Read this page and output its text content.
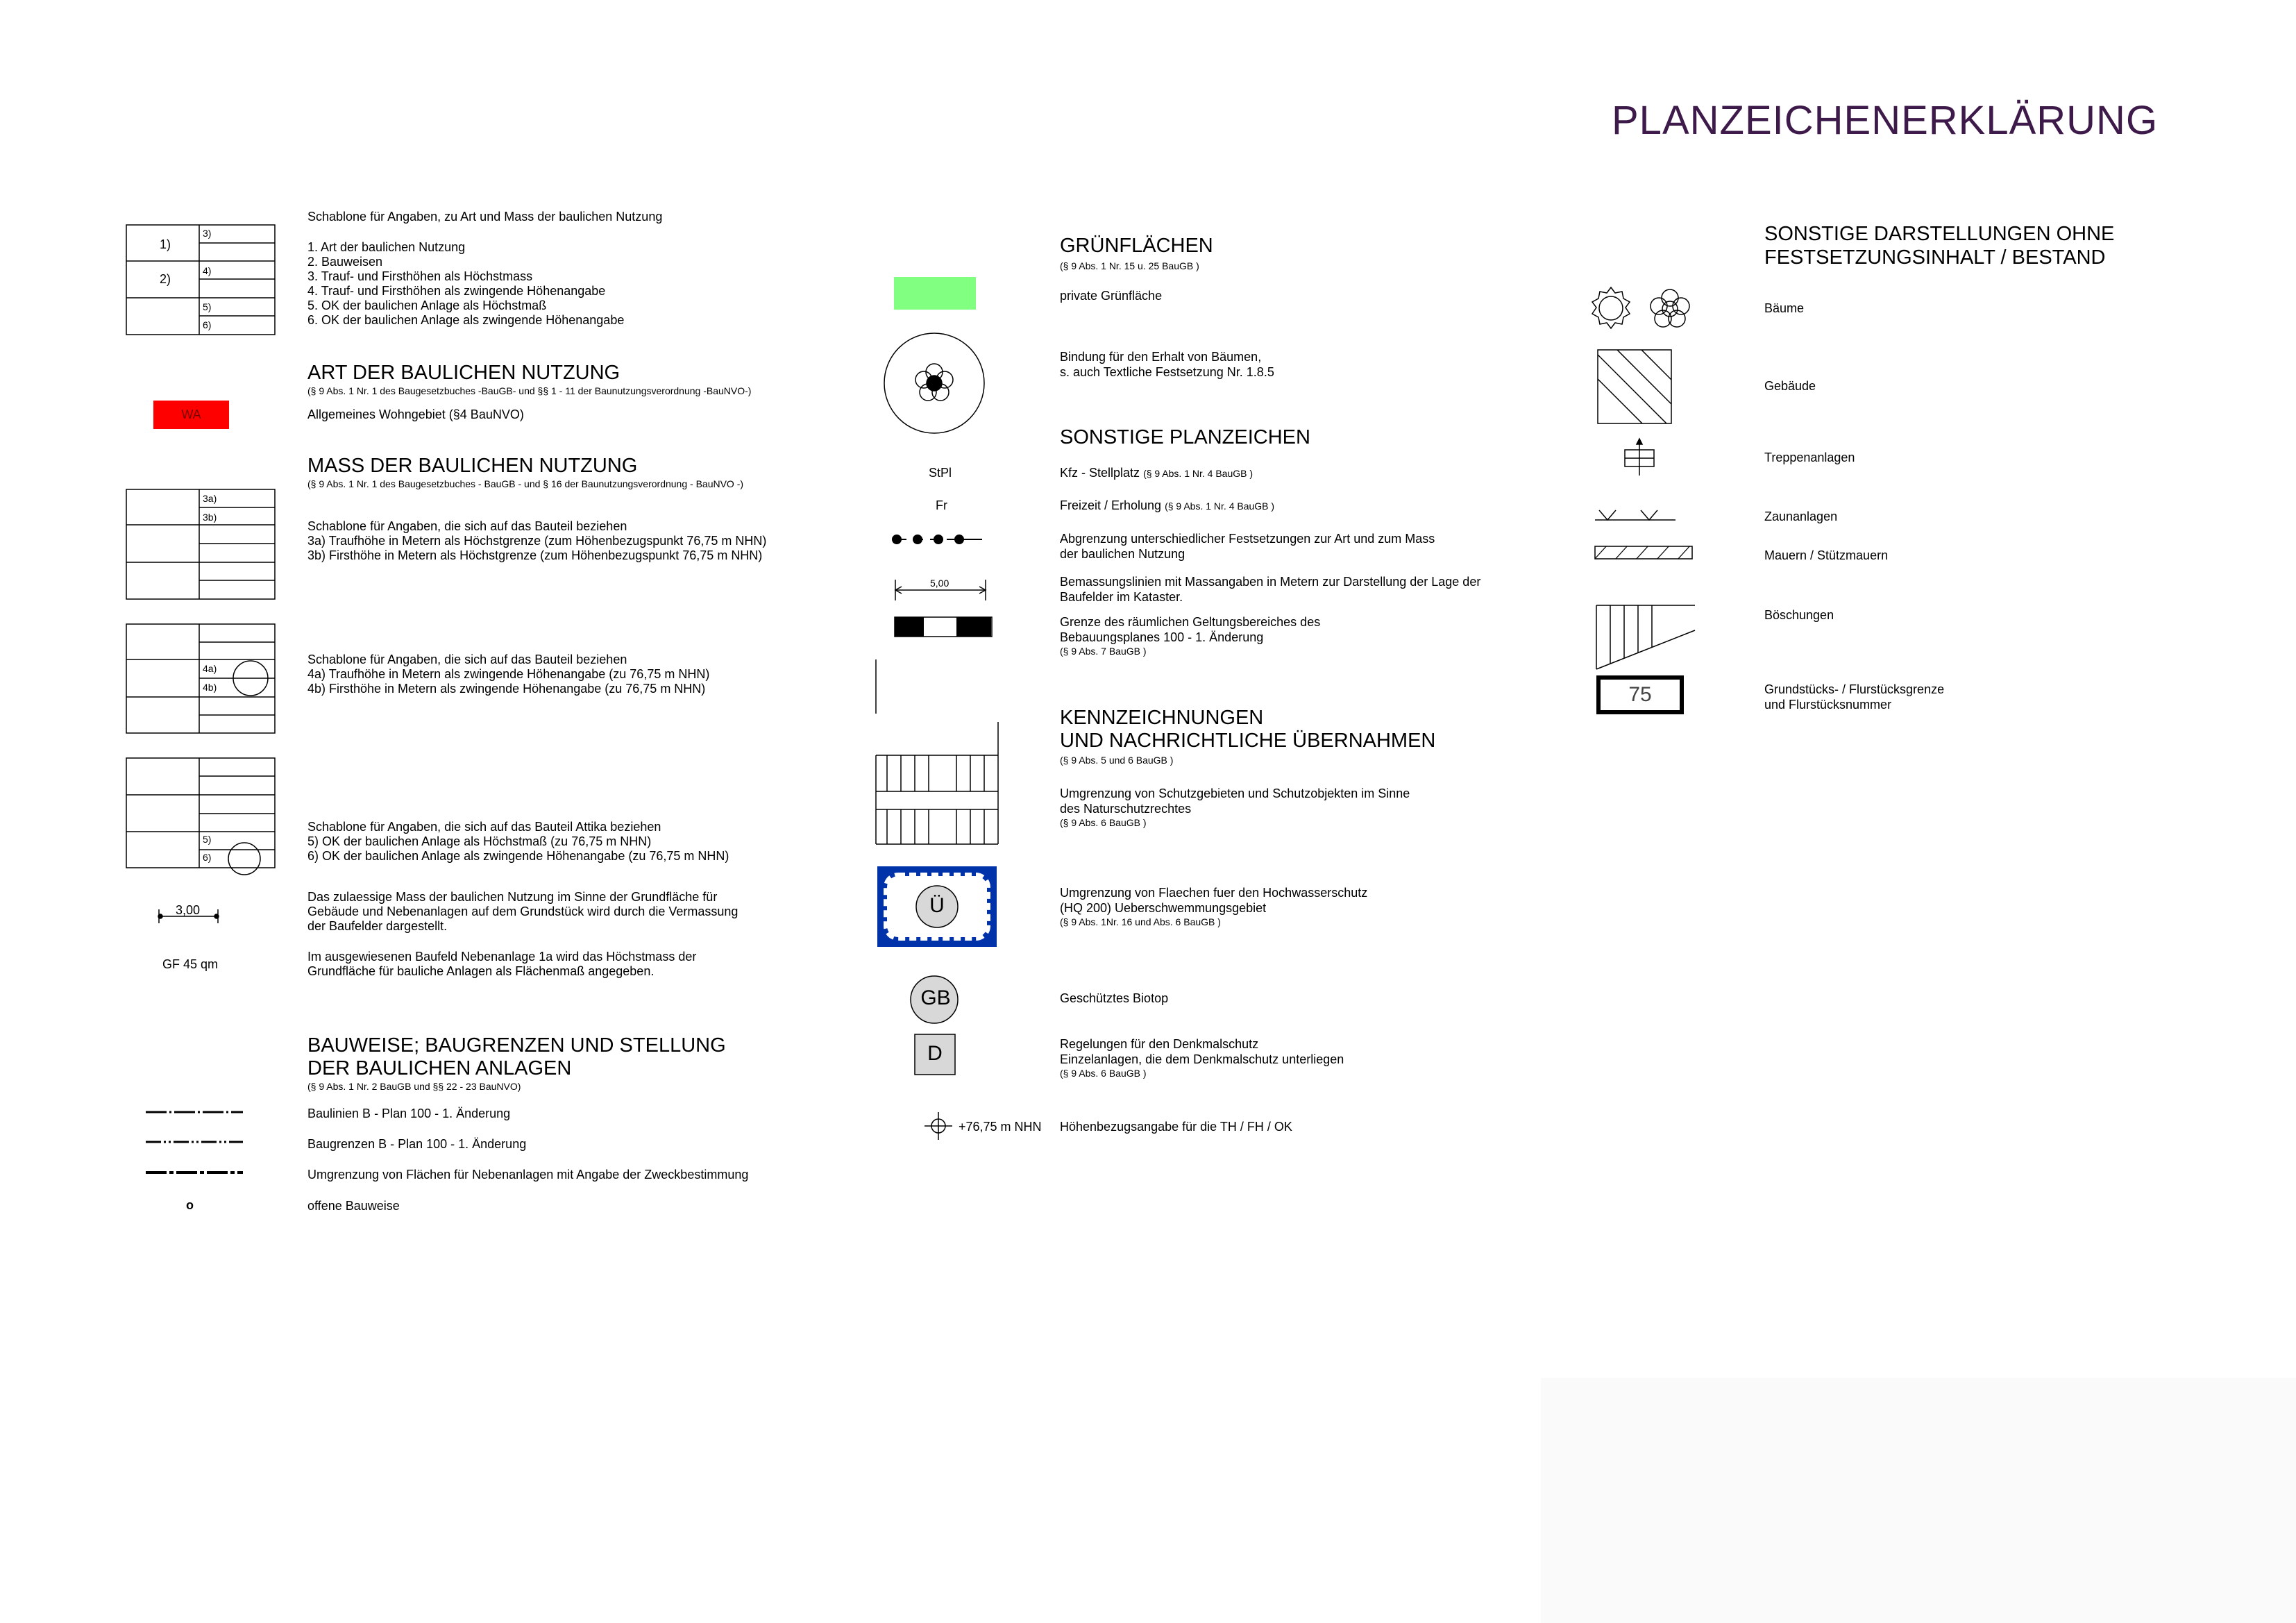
PLANZEICHENERKLÄRUNG
1)
2)
3)
4)
5)
6)
Schablone für Angaben, zu Art und Mass der baulichen Nutzung
1. Art der baulichen Nutzung
2. Bauweisen
3. Trauf- und Firsthöhen als Höchstmass
4. Trauf- und Firsthöhen als zwingende Höhenangabe
5. OK der baulichen Anlage als Höchstmaß
6. OK der baulichen Anlage als zwingende Höhenangabe
ART DER BAULICHEN NUTZUNG
(§ 9 Abs. 1 Nr. 1 des Baugesetzbuches -BauGB- und §§ 1 - 11 der Baunutzungsverordnung -BauNVO-)
WA	Allgemeines Wohngebiet (§4 BauNVO)
MASS DER BAULICHEN NUTZUNG
(§ 9 Abs. 1 Nr. 1 des Baugesetzbuches - BauGB - und § 16 der Baunutzungsverordnung - BauNVO -)
3a)
3b)
Schablone für Angaben, die sich auf das Bauteil beziehen
3a) Traufhöhe in Metern als Höchstgrenze (zum Höhenbezugspunkt 76,75 m NHN)
3b) Firsthöhe in Metern als Höchstgrenze (zum Höhenbezugspunkt 76,75 m NHN)
4a)
4b)
Schablone für Angaben, die sich auf das Bauteil beziehen
4a) Traufhöhe in Metern als zwingende Höhenangabe (zu 76,75 m NHN)
4b) Firsthöhe in Metern als zwingende Höhenangabe (zu 76,75 m NHN)
5)
6)
Schablone für Angaben, die sich auf das Bauteil Attika beziehen
5) OK der baulichen Anlage als Höchstmaß (zu 76,75 m NHN)
6) OK der baulichen Anlage als zwingende Höhenangabe (zu 76,75 m NHN)
3,00
Das zulaessige Mass der baulichen Nutzung im Sinne der Grundfläche für
Gebäude und Nebenanlagen auf dem Grundstück wird durch die Vermassung
der Baufelder dargestellt.
GF 45 qm
Im ausgewiesenen Baufeld Nebenanlage 1a wird das Höchstmass der
Grundfläche für bauliche Anlagen als Flächenmaß angegeben.
BAUWEISE; BAUGRENZEN UND STELLUNG
DER BAULICHEN ANLAGEN
(§ 9 Abs. 1 Nr. 2 BauGB und §§ 22 - 23 BauNVO)
Baulinien B - Plan 100 - 1. Änderung
Baugrenzen B - Plan 100 - 1. Änderung
Umgrenzung von Flächen für Nebenanlagen mit Angabe der Zweckbestimmung
o	offene Bauweise
GRÜNFLÄCHEN
(§ 9 Abs. 1 Nr. 15 u. 25 BauGB )
private Grünfläche
Bindung für den Erhalt von Bäumen,
s. auch Textliche Festsetzung Nr. 1.8.5
SONSTIGE PLANZEICHEN
StPl	Kfz - Stellplatz (§ 9 Abs. 1 Nr. 4 BauGB )
Fr	Freizeit / Erholung (§ 9 Abs. 1 Nr. 4 BauGB )
Abgrenzung unterschiedlicher Festsetzungen zur Art und zum Mass
der baulichen Nutzung
5,00	Bemassungslinien mit Massangaben in Metern zur Darstellung der Lage der
Baufelder im Kataster.
Grenze des räumlichen Geltungsbereiches des
Bebauungsplanes 100 - 1. Änderung
(§ 9 Abs. 7 BauGB )
KENNZEICHNUNGEN
UND NACHRICHTLICHE ÜBERNAHMEN
(§ 9 Abs. 5 und 6 BauGB )
Umgrenzung von Schutzgebieten und Schutzobjekten im Sinne
des Naturschutzrechtes
(§ 9 Abs. 6 BauGB )
Ü
Umgrenzung von Flaechen fuer den Hochwasserschutz
(HQ 200) Ueberschwemmungsgebiet
(§ 9 Abs. 1Nr. 16 und Abs. 6 BauGB )
GB	Geschütztes Biotop
D	Regelungen für den Denkmalschutz
Einzelanlagen, die dem Denkmalschutz unterliegen
(§ 9 Abs. 6 BauGB )
+76,75 m NHN Höhenbezugsangabe für die TH / FH / OK
SONSTIGE DARSTELLUNGEN OHNE
FESTSETZUNGSINHALT / BESTAND
Bäume
Gebäude
Treppenanlagen
Zaunanlagen
Mauern / Stützmauern
Böschungen
75	Grundstücks- / Flurstücksgrenze
und Flurstücksnummer
